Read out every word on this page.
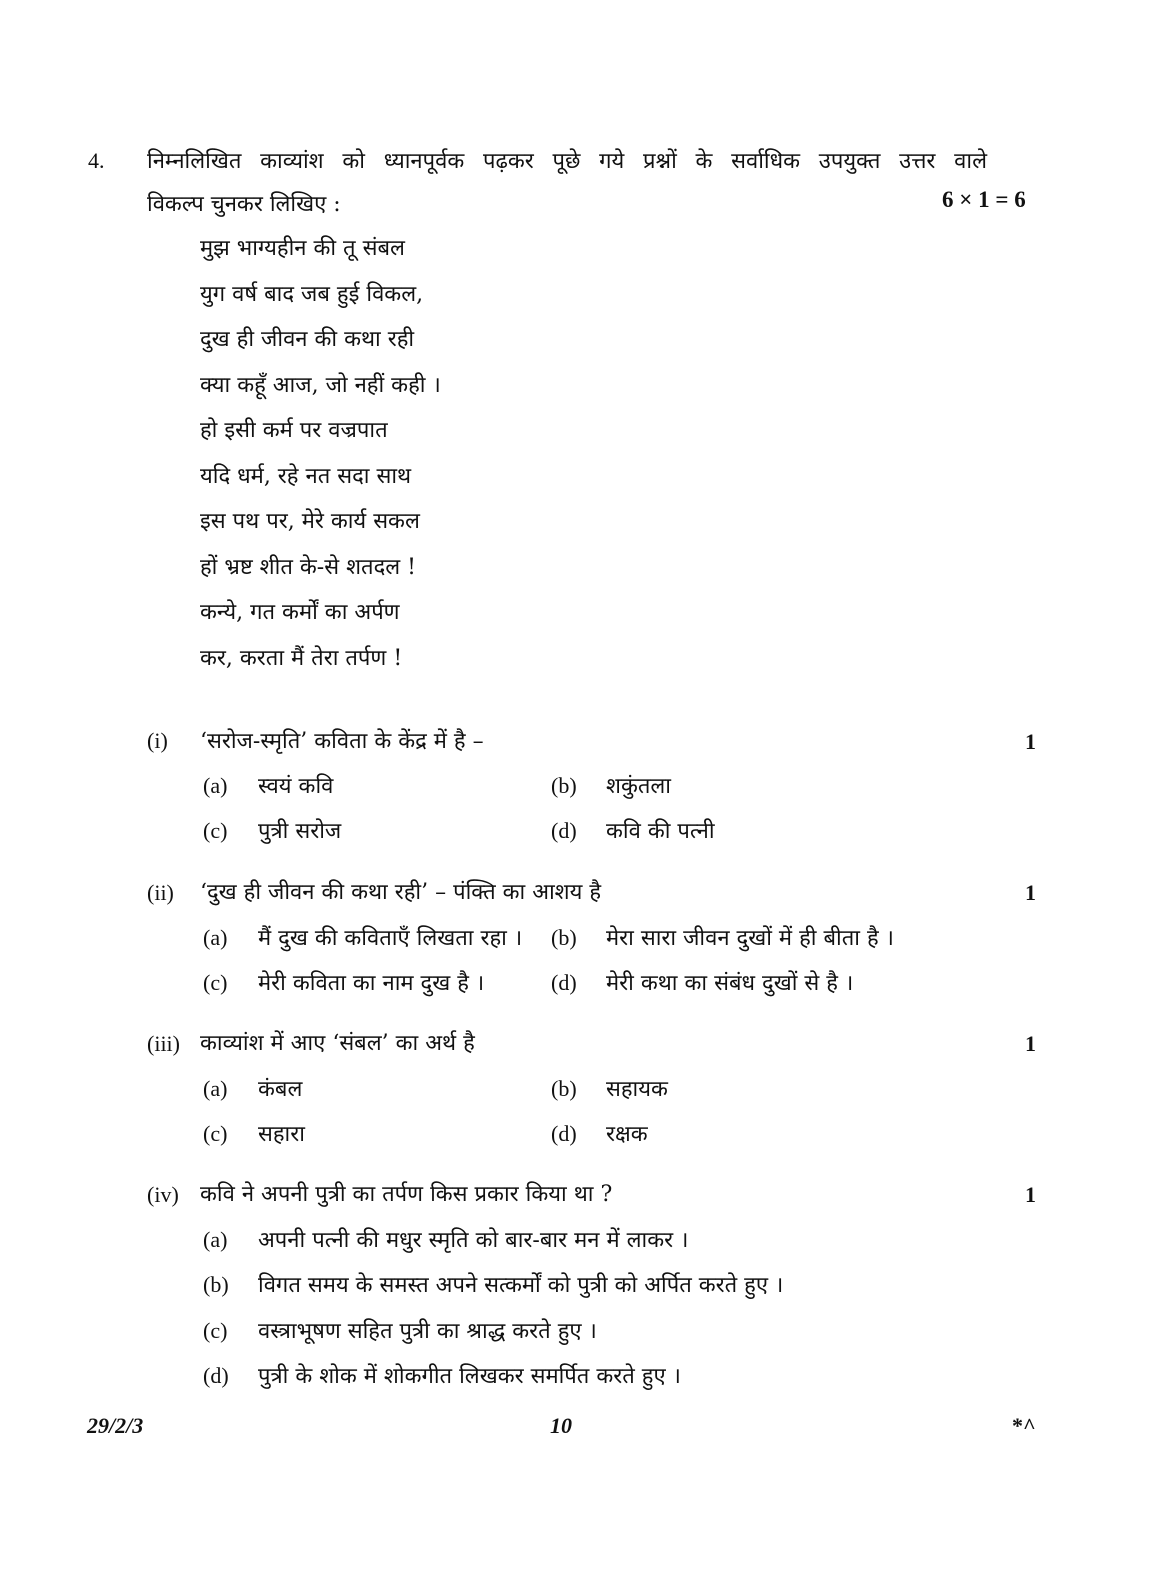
4. निम्नलिखित काव्यांश को ध्यानपूर्वक पढ़कर पूछे गये प्रश्नों के सर्वाधिक उपयुक्त उत्तर वाले
विकल्प चुनकर लिखिए :	6 × 1 = 6
मुझ भाग्यहीन की तू संबल
युग वर्ष बाद जब हुई विकल,
दुख ही जीवन की कथा रही
क्या कहूँ आज, जो नहीं कही ।
हो इसी कर्म पर वज्रपात
यदि धर्म, रहे नत सदा साथ
इस पथ पर, मेरे कार्य सकल
हों भ्रष्ट शीत के-से शतदल !
कन्ये, गत कर्मों का अर्पण
कर, करता मैं तेरा तर्पण !
(i) ‘सरोज-स्मृति’ कविता के केंद्र में है –	1
(a) स्वयं कवि	(b) शकुंतला
(c) पुत्री सरोज	(d) कवि की पत्नी
(ii) ‘दुख ही जीवन की कथा रही’ – पंक्ति का आशय है	1
(a) मैं दुख की कविताएँ लिखता रहा । (b) मेरा सारा जीवन दुखों में ही बीता है ।
(c) मेरी कविता का नाम दुख है ।	(d) मेरी कथा का संबंध दुखों से है ।
(iii) काव्यांश में आए ‘संबल’ का अर्थ है	1
(a) कंबल	(b) सहायक
(c) सहारा	(d) रक्षक
(iv) कवि ने अपनी पुत्री का तर्पण किस प्रकार किया था ?	1
(a) अपनी पत्नी की मधुर स्मृति को बार-बार मन में लाकर ।
(b) विगत समय के समस्त अपने सत्कर्मों को पुत्री को अर्पित करते हुए ।
(c) वस्त्राभूषण सहित पुत्री का श्राद्ध करते हुए ।
(d) पुत्री के शोक में शोकगीत लिखकर समर्पित करते हुए ।
29/2/3	10	*^
